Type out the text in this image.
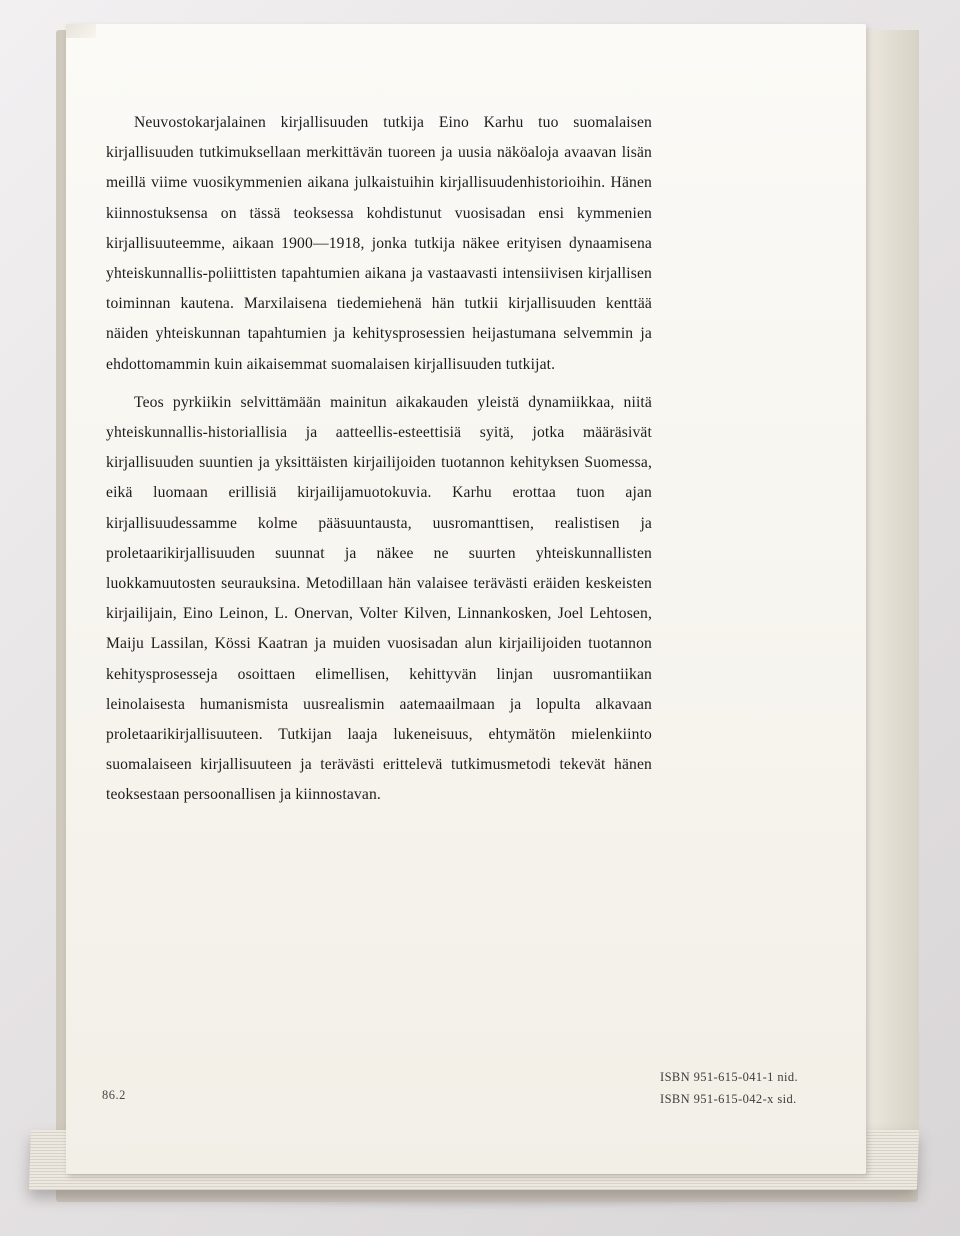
Neuvostokarjalainen kirjallisuuden tutkija Eino Karhu tuo suomalaisen kirjallisuuden tutkimuksellaan merkittävän tuoreen ja uusia näköaloja avaavan lisän meillä viime vuosikymmenien aikana julkaistuihin kirjallisuudenhistorioihin. Hänen kiinnostuksensa on tässä teoksessa kohdistunut vuosisadan ensi kymmenien kirjallisuuteemme, aikaan 1900—1918, jonka tutkija näkee erityisen dynaamisena yhteiskunnallis-poliittisten tapahtumien aikana ja vastaavasti intensiivisen kirjallisen toiminnan kautena. Marxilaisena tiedemiehenä hän tutkii kirjallisuuden kenttää näiden yhteiskunnan tapahtumien ja kehitysprosessien heijastumana selvemmin ja ehdottomammin kuin aikaisemmat suomalaisen kirjallisuuden tutkijat.

Teos pyrkiikin selvittämään mainitun aikakauden yleistä dynamiikkaa, niitä yhteiskunnallis-historiallisia ja aatteellis-esteettisiä syitä, jotka määräsivät kirjallisuuden suuntien ja yksittäisten kirjailijoiden tuotannon kehityksen Suomessa, eikä luomaan erillisiä kirjailijamuotokuvia. Karhu erottaa tuon ajan kirjallisuudessamme kolme pääsuuntausta, uusromanttisen, realistisen ja proletaarikirjallisuuden suunnat ja näkee ne suurten yhteiskunnallisten luokkamuutosten seurauksina. Metodillaan hän valaisee terävästi eräiden keskeisten kirjailijain, Eino Leinon, L. Onervan, Volter Kilven, Linnankosken, Joel Lehtosen, Maiju Lassilan, Kössi Kaatran ja muiden vuosisadan alun kirjailijoiden tuotannon kehitysprosesseja osoittaen elimellisen, kehittyvän linjan uusromantiikan leinolaisesta humanismista uusrealismin aatemaailmaan ja lopulta alkavaan proletaarikirjallisuuteen. Tutkijan laaja lukeneisuus, ehtymätön mielenkiinto suomalaiseen kirjallisuuteen ja terävästi erittelevä tutkimusmetodi tekevät hänen teoksestaan persoonallisen ja kiinnostavan.

86.2
ISBN 951-615-041-1 nid.
ISBN 951-615-042-x sid.
